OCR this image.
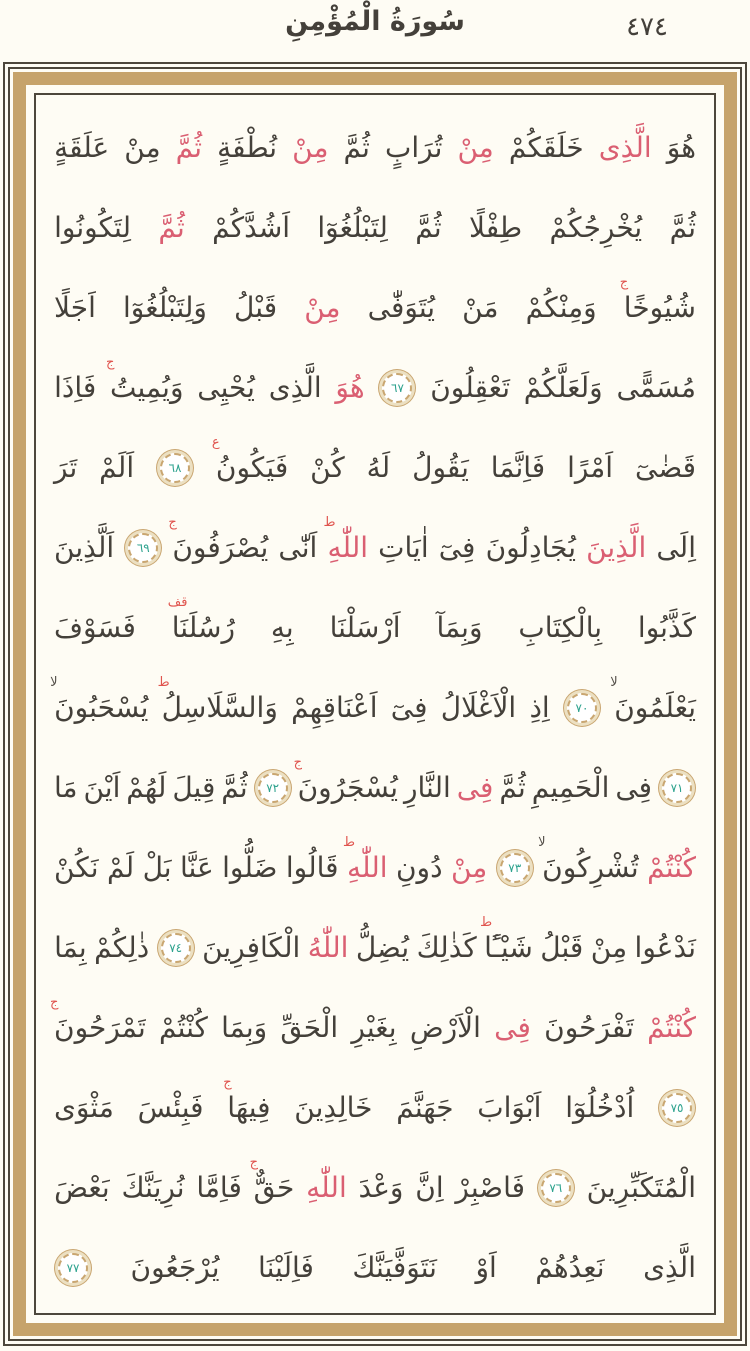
سُورَةُ الْمُؤْمِنِ	٤٧٤
هُوَ
الَّذِى
خَلَقَكُمْ
مِنْ
تُرَابٍ
ثُمَّ
مِنْ
نُطْفَةٍ
ثُمَّ
مِنْ
عَلَقَةٍ
ثُمَّ
يُخْرِجُكُمْ
طِفْلًا
ثُمَّ
لِتَبْلُغُوٓا
اَشُدَّكُمْ
ثُمَّ
لِتَكُونُوا
شُيُوخًا
ج
وَمِنْكُمْ
مَنْ
يُتَوَفّٰى
مِنْ
قَبْلُ
وَلِتَبْلُغُوٓا
اَجَلًا
مُسَمًّى
وَلَعَلَّكُمْ
تَعْقِلُونَ
٦٧
هُوَ
الَّذِى
يُحْيِى
وَيُمِيتُ
ج
فَاِذَا
قَضٰىٓ
اَمْرًا
فَاِنَّمَا
يَقُولُ
لَهُ
كُنْ
فَيَكُونُ
ع
٦٨
اَلَمْ
تَرَ
اِلَى
الَّذِينَ
يُجَادِلُونَ
فِىٓ
اٰيَاتِ
اللّٰهِ
ط
اَنّٰى
يُصْرَفُونَ
ج
٦٩
اَلَّذِينَ
كَذَّبُوا
بِالْكِتَابِ
وَبِمَآ
اَرْسَلْنَا
بِهِ
رُسُلَنَا
قف
فَسَوْفَ
يَعْلَمُونَ
لا
٧٠
اِذِ
الْاَغْلَالُ
فِىٓ
اَعْنَاقِهِمْ
وَالسَّلَاسِلُ
ط
يُسْحَبُونَ
لا
٧١
فِى
الْحَمِيمِ
ثُمَّ
فِى
النَّارِ
يُسْجَرُونَ
ج
٧٢
ثُمَّ
قِيلَ
لَهُمْ
اَيْنَ
مَا
كُنْتُمْ
تُشْرِكُونَ
لا
٧٣
مِنْ
دُونِ
اللّٰهِ
ط
قَالُوا
ضَلُّوا
عَنَّا
بَلْ
لَمْ
نَكُنْ
نَدْعُوا
مِنْ
قَبْلُ
شَيْـًٔا
ط
كَذٰلِكَ
يُضِلُّ
اللّٰهُ
الْكَافِرِينَ
٧٤
ذٰلِكُمْ
بِمَا
كُنْتُمْ
تَفْرَحُونَ
فِى
الْاَرْضِ
بِغَيْرِ
الْحَقِّ
وَبِمَا
كُنْتُمْ
تَمْرَحُونَ
ج
٧٥
اُدْخُلُوٓا
اَبْوَابَ
جَهَنَّمَ
خَالِدِينَ
فِيهَا
ج
فَبِئْسَ
مَثْوَى
الْمُتَكَبِّرِينَ
٧٦
فَاصْبِرْ
اِنَّ
وَعْدَ
اللّٰهِ
حَقٌّ
ج
فَاِمَّا
نُرِيَنَّكَ
بَعْضَ
الَّذِى
نَعِدُهُمْ
اَوْ
نَتَوَفَّيَنَّكَ
فَاِلَيْنَا
يُرْجَعُونَ
٧٧
